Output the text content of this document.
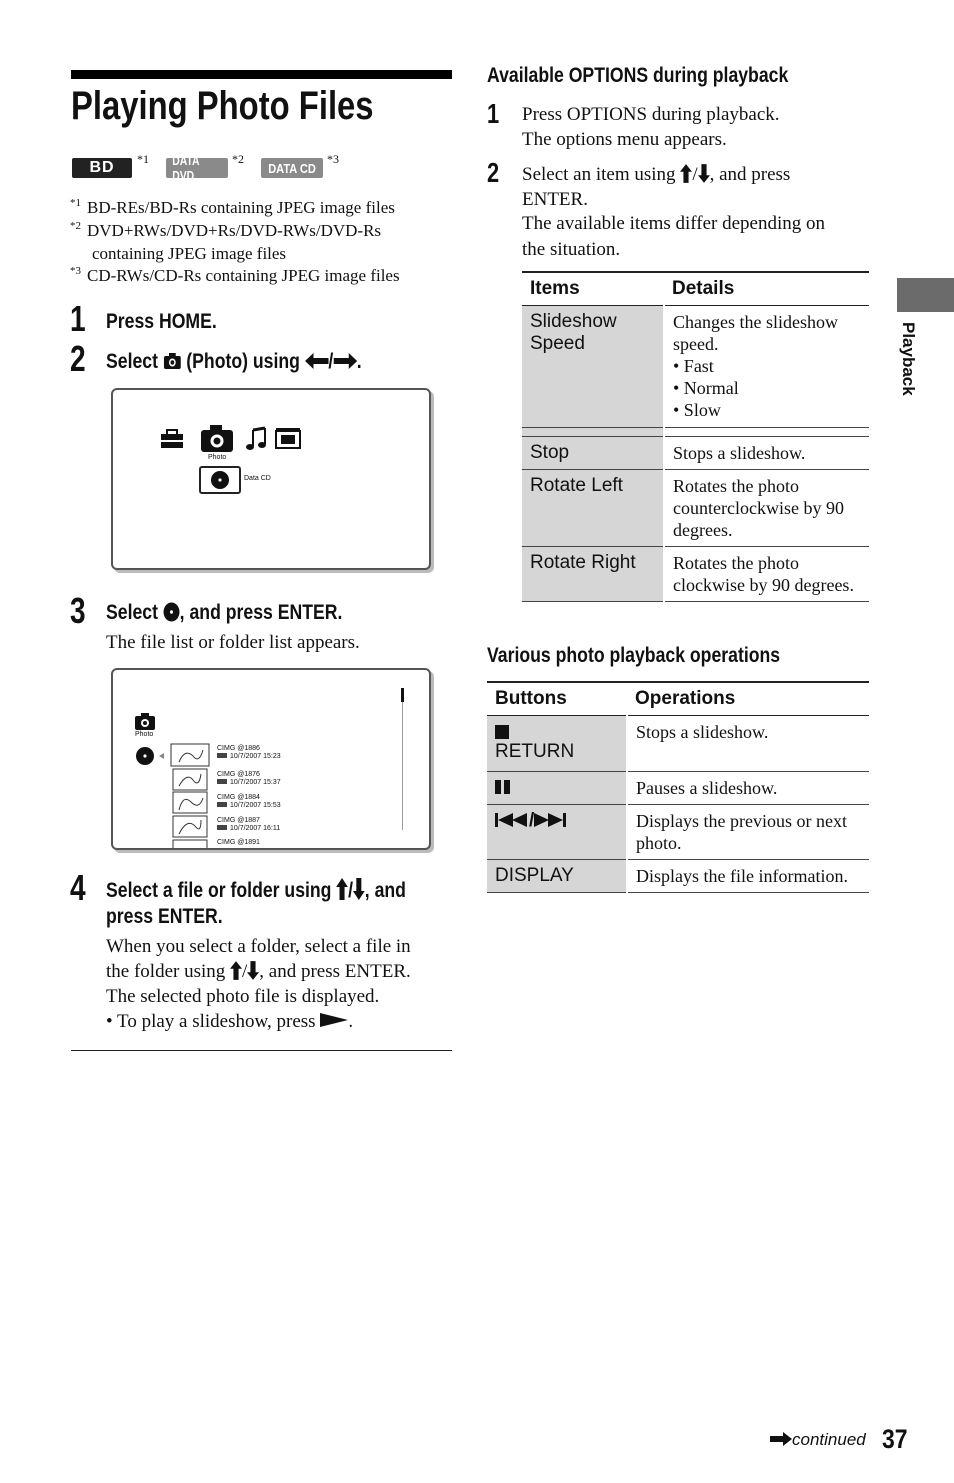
Playing Photo Files
BD	*1 DATA DVD
*2
DATA CD
*3
$^{*1}$ BD-REs/BD-Rs containing JPEG image files
$^{*2}$ DVD+RWs/DVD+Rs/DVD-RWs/DVD-Rs
containing JPEG image files
$^{*3}$ CD-RWs/CD-Rs containing JPEG image files
1 Press HOME.
2 Select (Photo) using / .
Photo
Data CD
3 Select , and press ENTER.
The file list or folder list appears.
Photo
CIMG @1886
10/7/2007 15:23
CIMG @1876
10/7/2007 15:37
CIMG @1884
10/7/2007 15:53
CIMG @1887
10/7/2007 16:11
CIMG @1891
4 Select a file or folder using / , and
press ENTER.
When you select a folder, select a file in
the folder using / , and press ENTER.
The selected photo file is displayed.
• To play a slideshow, press .
Available OPTIONS during playback
1 Press OPTIONS during playback.
The options menu appears.
2 Select an item using / , and press
ENTER.
The available items differ depending on
the situation.
Items	Details
Slideshow Speed	Changes the slideshow speed.
• Fast
• Normal
• Slow

Stop	Stops a slideshow.
Rotate Left	Rotates the photo counterclockwise by 90 degrees.
Rotate Right	Rotates the photo clockwise by 90 degrees.
Various photo playback operations
Buttons	Operations

RETURN	Stops a slideshow.
	Pauses a slideshow.
/	Displays the previous or next photo.
DISPLAY	Displays the file information.
Playback
continued 37
